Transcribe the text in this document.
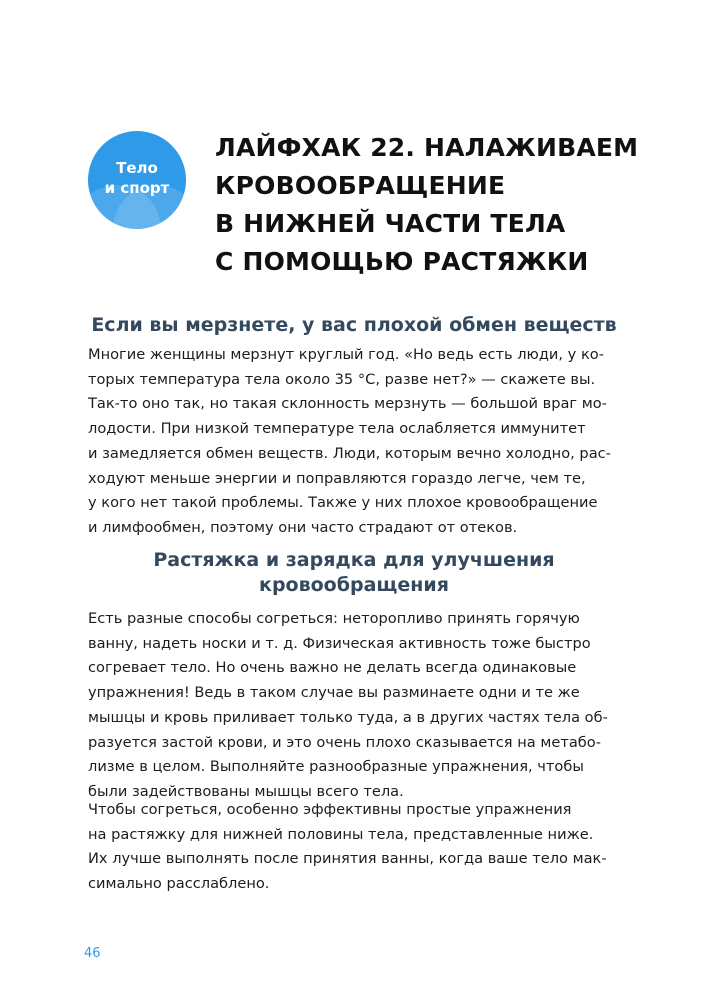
Тело
и спорт
ЛАЙФХАК 22. НАЛАЖИВАЕМ
КРОВООБРАЩЕНИЕ
В НИЖНЕЙ ЧАСТИ ТЕЛА
С ПОМОЩЬЮ РАСТЯЖКИ
Если вы мерзнете, у вас плохой обмен веществ
Многие женщины мерзнут круглый год. «Но ведь есть люди, у ко-
торых температура тела около 35 °С, разве нет?» — скажете вы.
Так-то оно так, но такая склонность мерзнуть — большой враг мо-
лодости. При низкой температуре тела ослабляется иммунитет
и замедляется обмен веществ. Люди, которым вечно холодно, рас-
ходуют меньше энергии и поправляются гораздо легче, чем те,
у кого нет такой проблемы. Также у них плохое кровообращение
и лимфообмен, поэтому они часто страдают от отеков.
Растяжка и зарядка для улучшения
кровообращения
Есть разные способы согреться: неторопливо принять горячую
ванну, надеть носки и т. д. Физическая активность тоже быстро
согревает тело. Но очень важно не делать всегда одинаковые
упражнения! Ведь в таком случае вы разминаете одни и те же
мышцы и кровь приливает только туда, а в других частях тела об-
разуется застой крови, и это очень плохо сказывается на метабо-
лизме в целом. Выполняйте разнообразные упражнения, чтобы
были задействованы мышцы всего тела.
Чтобы согреться, особенно эффективны простые упражнения
на растяжку для нижней половины тела, представленные ниже.
Их лучше выполнять после принятия ванны, когда ваше тело мак-
симально расслаблено.
46
